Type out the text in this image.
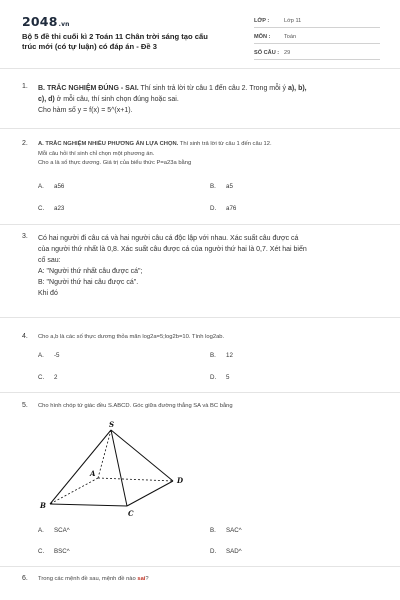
2048.vn
Bộ 5 đề thi cuối kì 2 Toán 11 Chân trời sáng tạo cấu trúc mới (có tự luận) có đáp án - Đề 3
LỚP :	Lớp 11
MÔN : Toán
SỐ CÂU : 29
1. B. TRẮC NGHIỆM ĐÚNG - SAI. Thí sinh trả lời từ câu 1 đến câu 2. Trong mỗi ý a), b),
c), d) ở mỗi câu, thí sinh chọn đúng hoặc sai.
Cho hàm số y = f(x) = 5^(x+1).
2. A. TRẮC NGHIỆM NHIỀU PHƯƠNG ÁN LỰA CHỌN. Thí sinh trả lời từ câu 1 đến câu 12.
Mỗi câu hỏi thí sinh chỉ chọn một phương án.
Cho a là số thực dương. Giá trị của biểu thức P=a23a bằng
A. a56	B. a5
C. a23	D. a76
3. Có hai người đi câu cá và hai người câu cá độc lập với nhau. Xác suất câu được cá
của người thứ nhất là 0,8. Xác suất câu được cá của người thứ hai là 0,7. Xét hai biến
cố sau:
A: "Người thứ nhất câu được cá";
B: "Người thứ hai câu được cá".
Khi đó
4. Cho a,b là các số thực dương thỏa mãn log2a=5;log2b=10. Tính log2ab.
A. -5	B. 12
C. 2	D. 5
5. Cho hình chóp tứ giác đều S.ABCD. Góc giữa đường thẳng SA và BC bằng
S
A
B
C
D
A. SCA^	B. SAC^
C. BSC^	D. SAD^
6. Trong các mệnh đề sau, mệnh đề nào sai?
